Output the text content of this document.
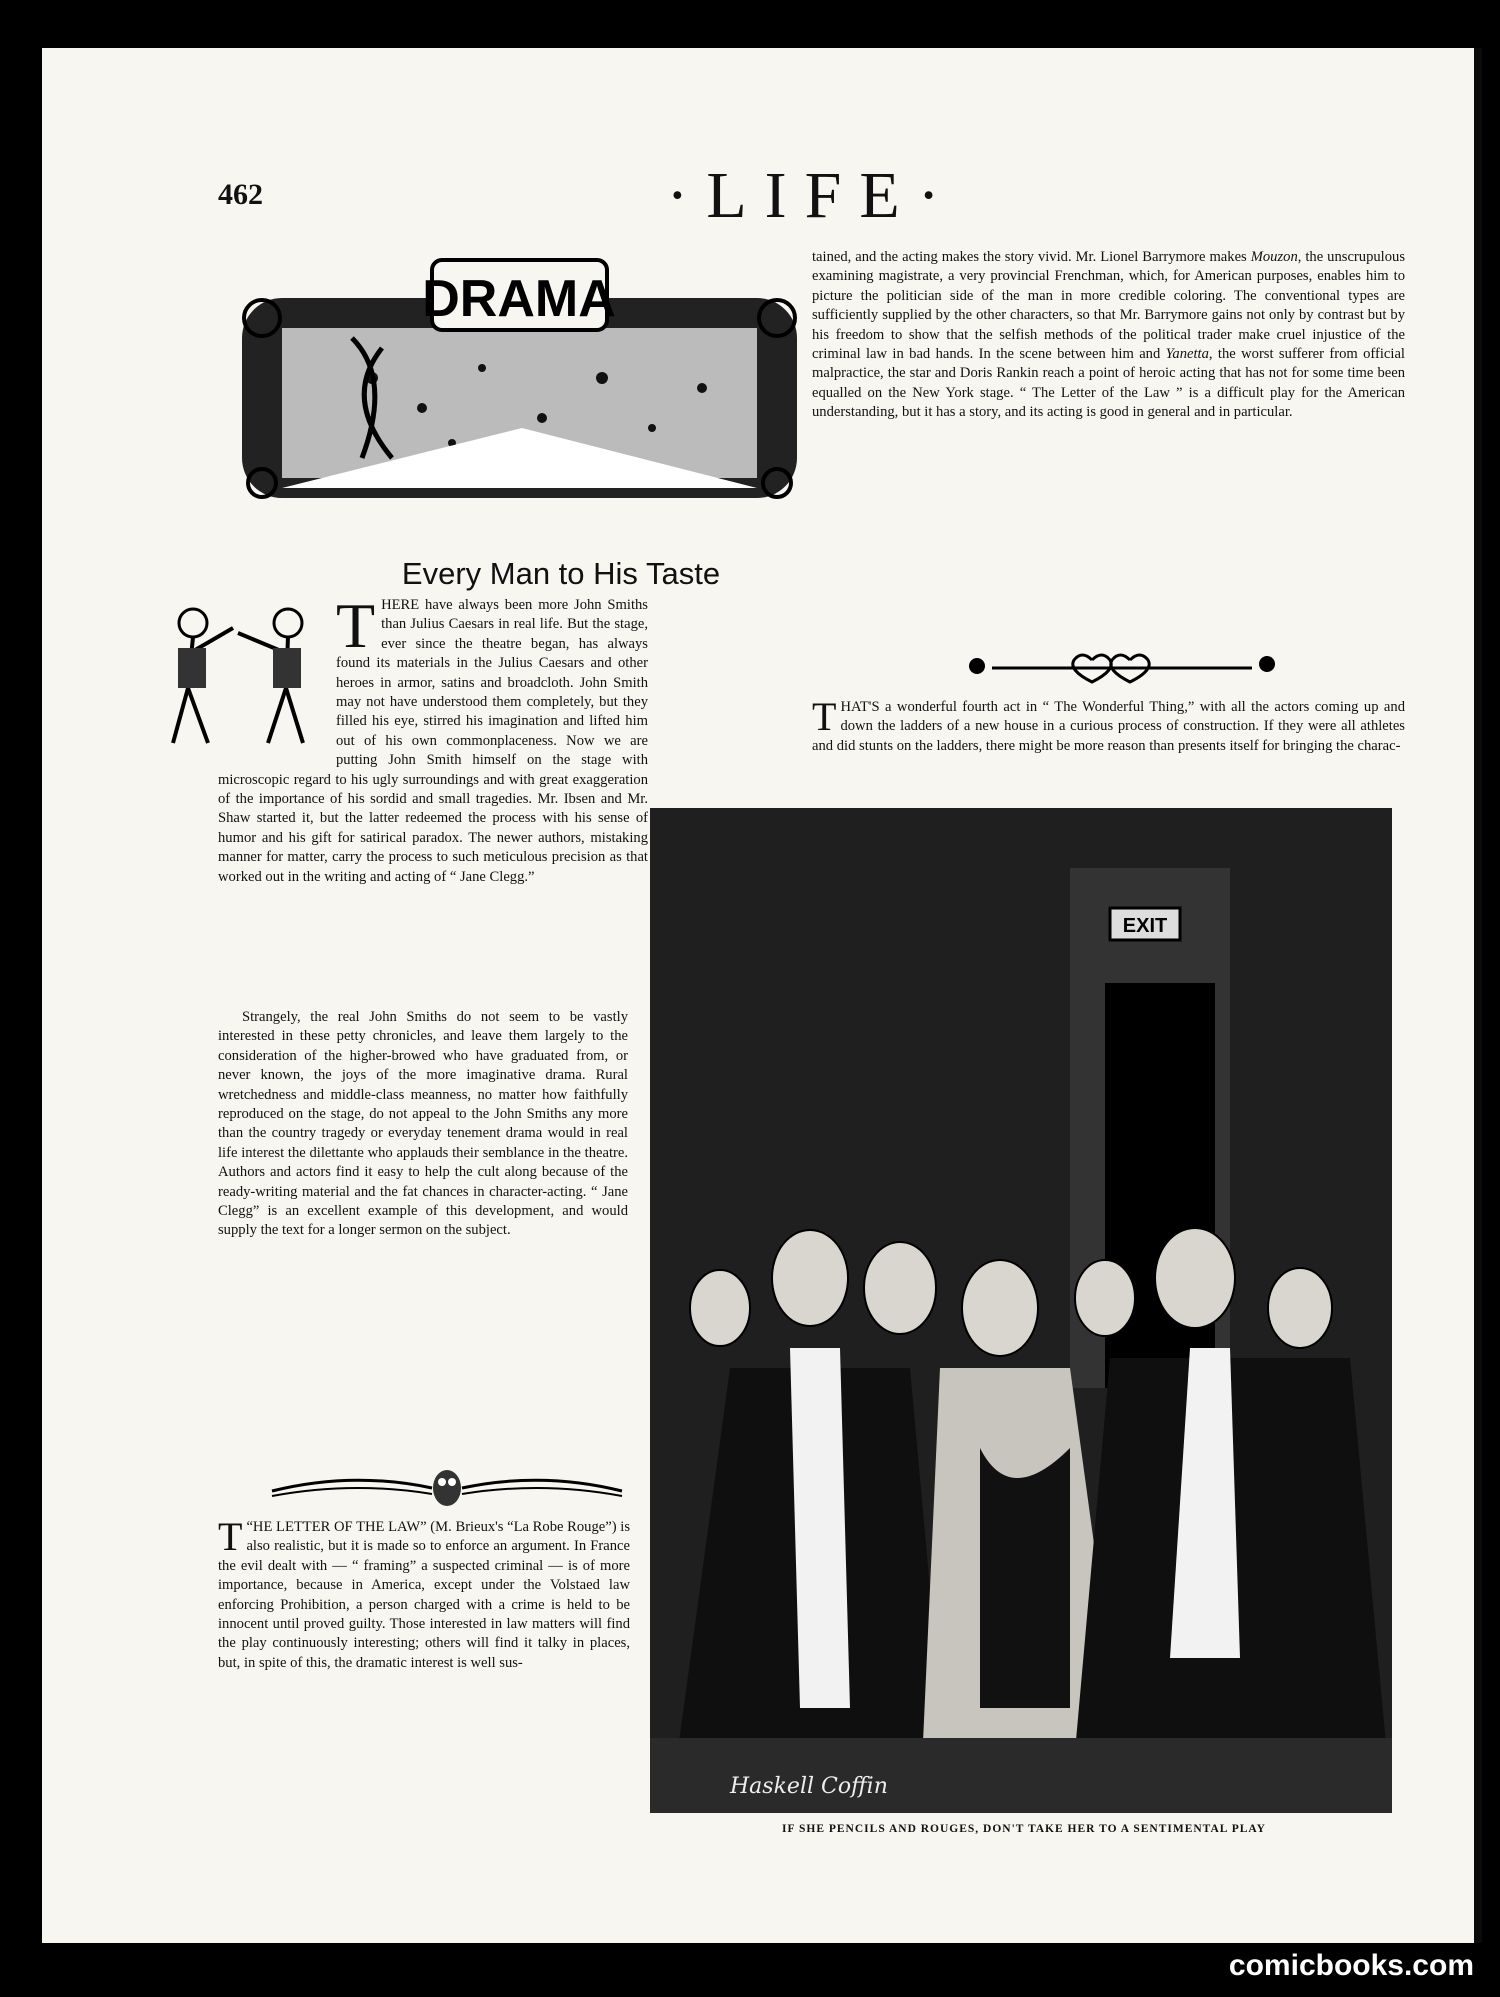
462	·LIFE·
DRAMA
Every Man to His Taste

T HERE have always been more John Smiths than Julius Caesars in real life. But the stage, ever since the theatre began, has always found its materials in the Julius Caesars and other heroes in armor, satins and broadcloth. John Smith may not have understood them completely, but they filled his eye, stirred his imagination and lifted him out of his own commonplaceness. Now we are putting John Smith himself on the stage with microscopic regard to his ugly surroundings and with great exaggeration of the importance of his sordid and small tragedies. Mr. Ibsen and Mr. Shaw started it, but the latter redeemed the process with his sense of humor and his gift for satirical paradox. The newer authors, mistaking manner for matter, carry the process to such meticulous precision as that worked out in the writing and acting of “ Jane Clegg.”

Strangely, the real John Smiths do not seem to be vastly interested in these petty chronicles, and leave them largely to the consideration of the higher-browed who have graduated from, or never known, the joys of the more imaginative drama. Rural wretchedness and middle-class meanness, no matter how faithfully reproduced on the stage, do not appeal to the John Smiths any more than the country tragedy or everyday tenement drama would in real life interest the dilettante who applauds their semblance in the theatre. Authors and actors find it easy to help the cult along because of the ready-writing material and the fat chances in character-acting. “ Jane Clegg” is an excellent example of this development, and would supply the text for a longer sermon on the subject.

“
T HE LETTER OF THE LAW” (M. Brieux's “La Robe Rouge”) is also realistic, but it is made so to enforce an argument. In France the evil dealt with — “ framing” a suspected criminal — is of more importance, because in America, except under the Volstaed law enforcing Prohibition, a person charged with a crime is held to be innocent until proved guilty. Those interested in law matters will find the play continuously interesting; others will find it talky in places, but, in spite of this, the dramatic interest is well sus-

tained, and the acting makes the story vivid. Mr. Lionel Barrymore makes Mouzon, the unscrupulous examining magistrate, a very provincial Frenchman, which, for American purposes, enables him to picture the politician side of the man in more credible coloring. The conventional types are sufficiently supplied by the other characters, so that Mr. Barrymore gains not only by contrast but by his freedom to show that the selfish methods of the political trader make cruel injustice of the criminal law in bad hands. In the scene between him and Yanetta, the worst sufferer from official malpractice, the star and Doris Rankin reach a point of heroic acting that has not for some time been equalled on the New York stage. “ The Letter of the Law ” is a difficult play for the American understanding, but it has a story, and its acting is good in general and in particular.

THAT'S a wonderful fourth act in “ The Wonderful Thing,” with all the actors coming up and down the ladders of a new house in a curious process of construction. If they were all athletes and did stunts on the ladders, there might be more reason than presents itself for bringing the charac-

EXIT
Haskell Coffin
IF SHE PENCILS AND ROUGES, DON'T TAKE HER TO A SENTIMENTAL PLAY
comicbooks.com
